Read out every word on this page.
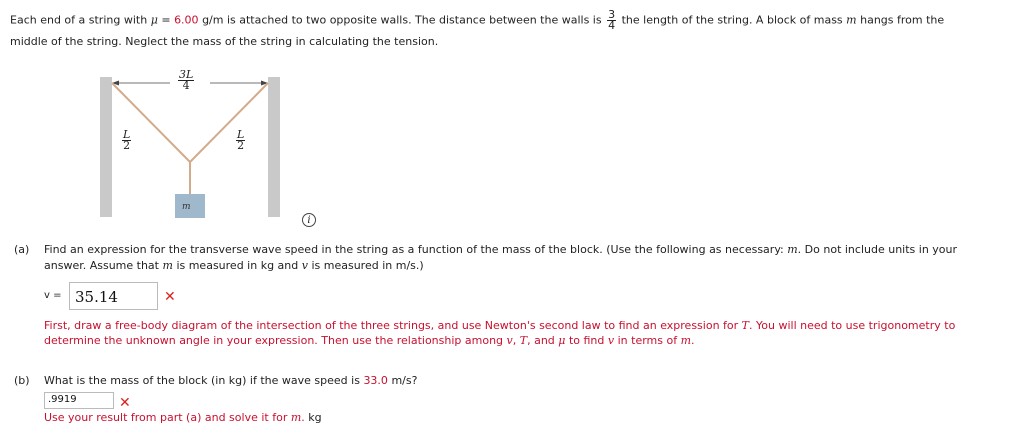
Each end of a string with μ = 6.00 g/m is attached to two opposite walls. The distance between the walls is $\frac{3}{4}$ the length of the string. A block of mass m hangs from the
middle of the string. Neglect the mass of the string in calculating the tension.
$\frac{3L}{4}$
$\frac{L}{2}$	$\frac{L}{2}$
m
i
(a) Find an expression for the transverse wave speed in the string as a function of the mass of the block. (Use the following as necessary: m. Do not include units in your
answer. Assume that m is measured in kg and v is measured in m/s.)
v = 35.14	✕
First, draw a free-body diagram of the intersection of the three strings, and use Newton's second law to find an expression for T. You will need to use trigonometry to
determine the unknown angle in your expression. Then use the relationship among v, T, and μ to find v in terms of m.
(b) What is the mass of the block (in kg) if the wave speed is 33.0 m/s?
.9919	✕
Use your result from part (a) and solve it for m. kg
